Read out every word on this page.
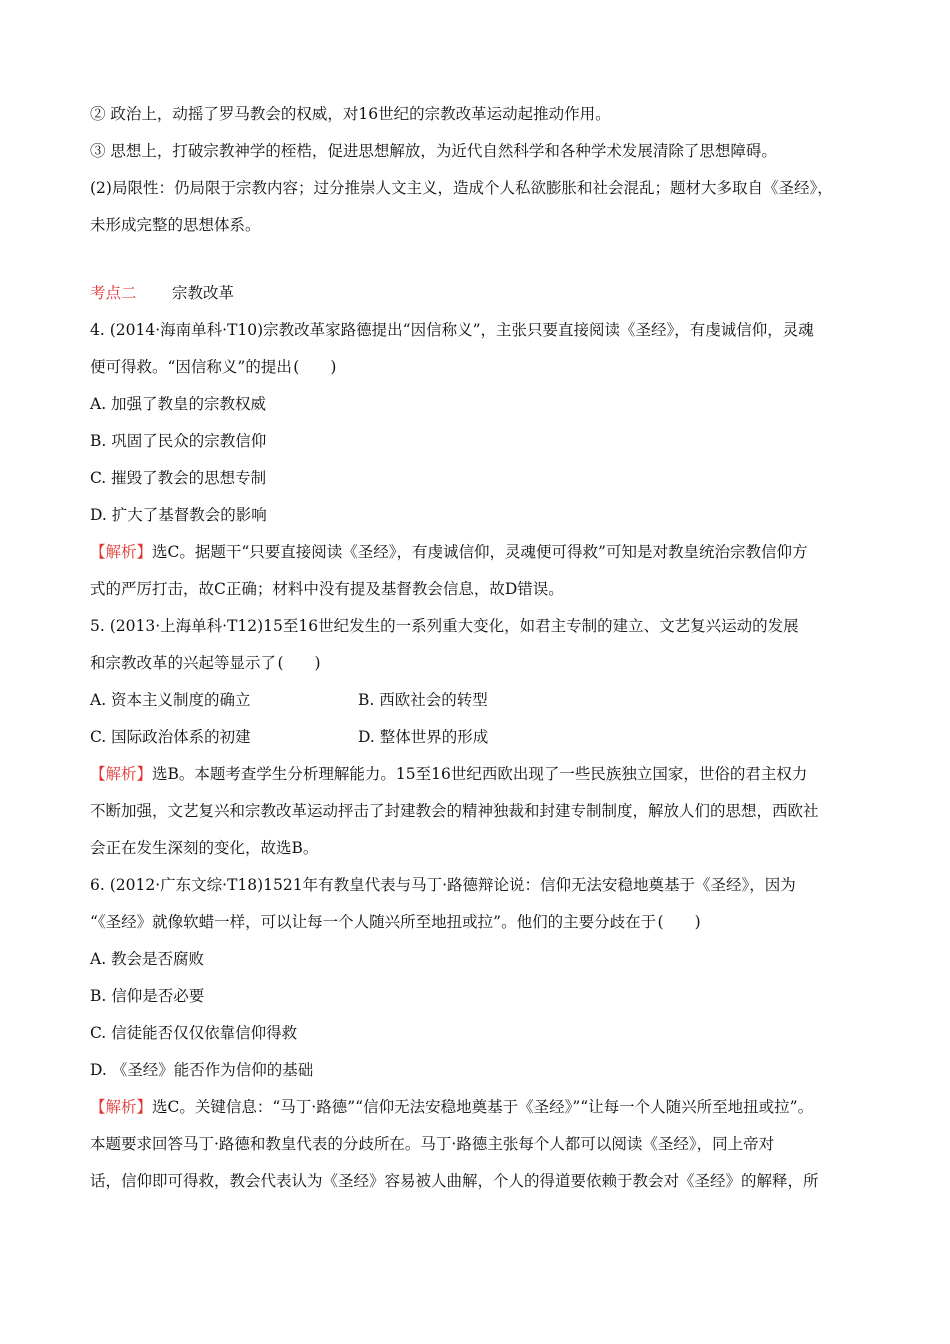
② 政治上，动摇了罗马教会的权威，对16世纪的宗教改革运动起推动作用。
③ 思想上，打破宗教神学的桎梏，促进思想解放，为近代自然科学和各种学术发展清除了思想障碍。
(2)局限性：仍局限于宗教内容；过分推崇人文主义，造成个人私欲膨胀和社会混乱；题材大多取自《圣经》，
未形成完整的思想体系。
考点二 宗教改革
4. (2014·海南单科·T10)宗教改革家路德提出“因信称义”，主张只要直接阅读《圣经》，有虔诚信仰，灵魂
便可得救。“因信称义”的提出(　　)
A. 加强了教皇的宗教权威
B. 巩固了民众的宗教信仰
C. 摧毁了教会的思想专制
D. 扩大了基督教会的影响
【解析】选C。据题干“只要直接阅读《圣经》，有虔诚信仰，灵魂便可得救”可知是对教皇统治宗教信仰方
式的严厉打击，故C正确；材料中没有提及基督教会信息，故D错误。
5. (2013·上海单科·T12)15至16世纪发生的一系列重大变化，如君主专制的建立、文艺复兴运动的发展
和宗教改革的兴起等显示了(　　)
A. 资本主义制度的确立	B. 西欧社会的转型
C. 国际政治体系的初建	D. 整体世界的形成
【解析】选B。本题考查学生分析理解能力。15至16世纪西欧出现了一些民族独立国家，世俗的君主权力
不断加强，文艺复兴和宗教改革运动抨击了封建教会的精神独裁和封建专制制度，解放人们的思想，西欧社
会正在发生深刻的变化，故选B。
6. (2012·广东文综·T18)1521年有教皇代表与马丁·路德辩论说：信仰无法安稳地奠基于《圣经》，因为
“《圣经》就像软蜡一样，可以让每一个人随兴所至地扭或拉”。他们的主要分歧在于(　　)
A. 教会是否腐败
B. 信仰是否必要
C. 信徒能否仅仅依靠信仰得救
D. 《圣经》能否作为信仰的基础
【解析】选C。关键信息：“马丁·路德”“信仰无法安稳地奠基于《圣经》”“让每一个人随兴所至地扭或拉”。
本题要求回答马丁·路德和教皇代表的分歧所在。马丁·路德主张每个人都可以阅读《圣经》，同上帝对
话，信仰即可得救，教会代表认为《圣经》容易被人曲解，个人的得道要依赖于教会对《圣经》的解释，所
